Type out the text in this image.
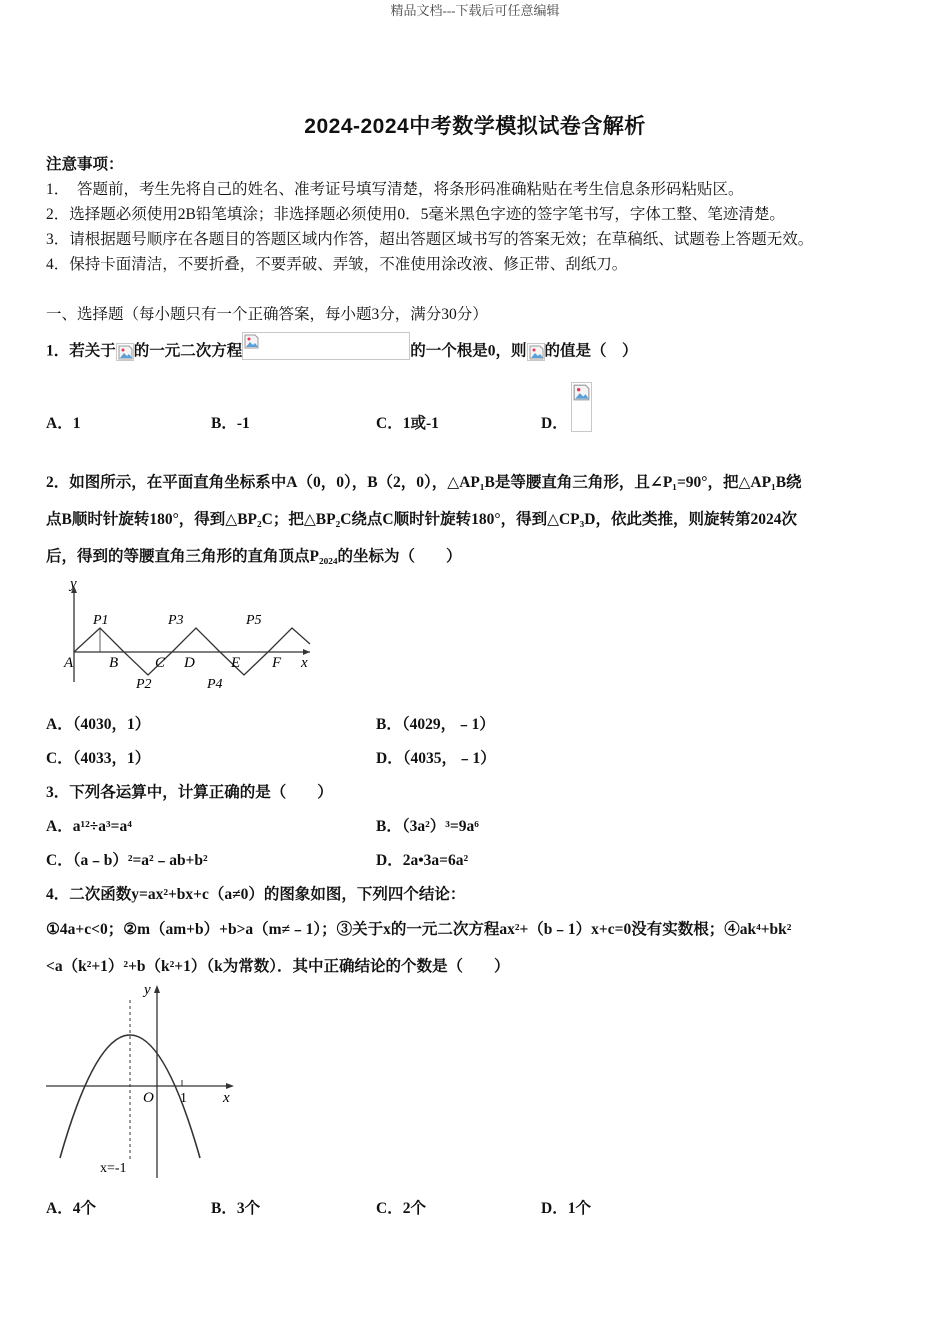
精品文档---下载后可任意编辑
2024-2024中考数学模拟试卷含解析
注意事项：
1．　答题前，考生先将自己的姓名、准考证号填写清楚，将条形码准确粘贴在考生信息条形码粘贴区。
2．选择题必须使用2B铅笔填涂；非选择题必须使用0．5毫米黑色字迹的签字笔书写，字体工整、笔迹清楚。
3．请根据题号顺序在各题目的答题区域内作答，超出答题区域书写的答案无效；在草稿纸、试题卷上答题无效。
4．保持卡面清洁，不要折叠，不要弄破、弄皱，不准使用涂改液、修正带、刮纸刀。
一、选择题（每小题只有一个正确答案，每小题3分，满分30分）
1．若关于 的一元二次方程	的一个根是0，则 的值是（　）
A．1	B．-1	C．1或-1	D．
2．如图所示，在平面直角坐标系中A（0，0），B（2，0），△AP₁B是等腰直角三角形，且∠P₁=90°，把△AP₁B绕
点B顺时针旋转180°，得到△BP₂C；把△BP₂C绕点C顺时针旋转180°，得到△CP₃D，依此类推，则旋转第2024次
后，得到的等腰直角三角形的直角顶点P₂₀₂₄的坐标为（　　）
y
x
A B C D E F
P1
P2
P3
P4
P5
A．（4030，1）	B．（4029，﹣1）
C．（4033，1）	D．（4035，﹣1）
3．下列各运算中，计算正确的是（　　）
A．a¹²÷a³=a⁴	B．（3a²）³=9a⁶
C．（a﹣b）²=a²﹣ab+b²	D．2a•3a=6a²
4．二次函数y=ax²+bx+c（a≠0）的图象如图，下列四个结论：
①4a+c<0；②m（am+b）+b>a（m≠﹣1）；③关于x的一元二次方程ax²+（b﹣1）x+c=0没有实数根；④ak⁴+bk²
<a（k²+1）²+b（k²+1）（k为常数）．其中正确结论的个数是（　　）
y
x
O 1
x=-1
A．4个	B．3个	C．2个	D．1个
